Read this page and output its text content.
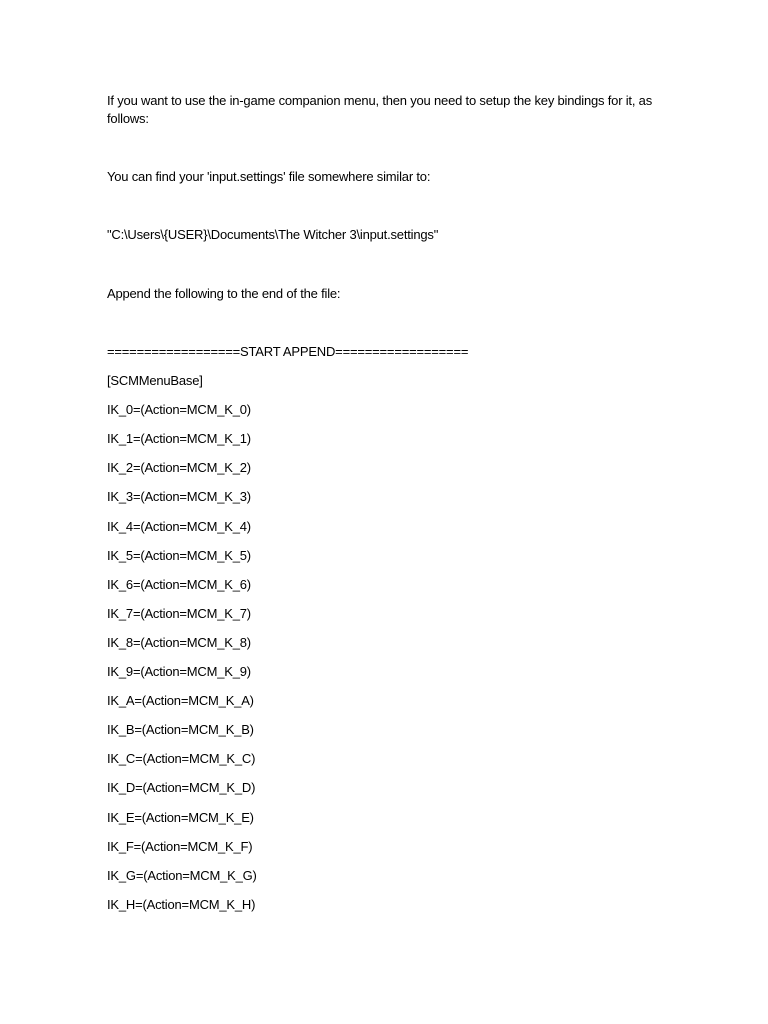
If you want to use the in-game companion menu, then you need to setup the key bindings for it, as follows:

You can find your 'input.settings' file somewhere similar to:

"C:\Users\{USER}\Documents\The Witcher 3\input.settings"

Append the following to the end of the file:

==================START APPEND==================
[SCMMenuBase]
IK_0=(Action=MCM_K_0)
IK_1=(Action=MCM_K_1)
IK_2=(Action=MCM_K_2)
IK_3=(Action=MCM_K_3)
IK_4=(Action=MCM_K_4)
IK_5=(Action=MCM_K_5)
IK_6=(Action=MCM_K_6)
IK_7=(Action=MCM_K_7)
IK_8=(Action=MCM_K_8)
IK_9=(Action=MCM_K_9)
IK_A=(Action=MCM_K_A)
IK_B=(Action=MCM_K_B)
IK_C=(Action=MCM_K_C)
IK_D=(Action=MCM_K_D)
IK_E=(Action=MCM_K_E)
IK_F=(Action=MCM_K_F)
IK_G=(Action=MCM_K_G)
IK_H=(Action=MCM_K_H)
